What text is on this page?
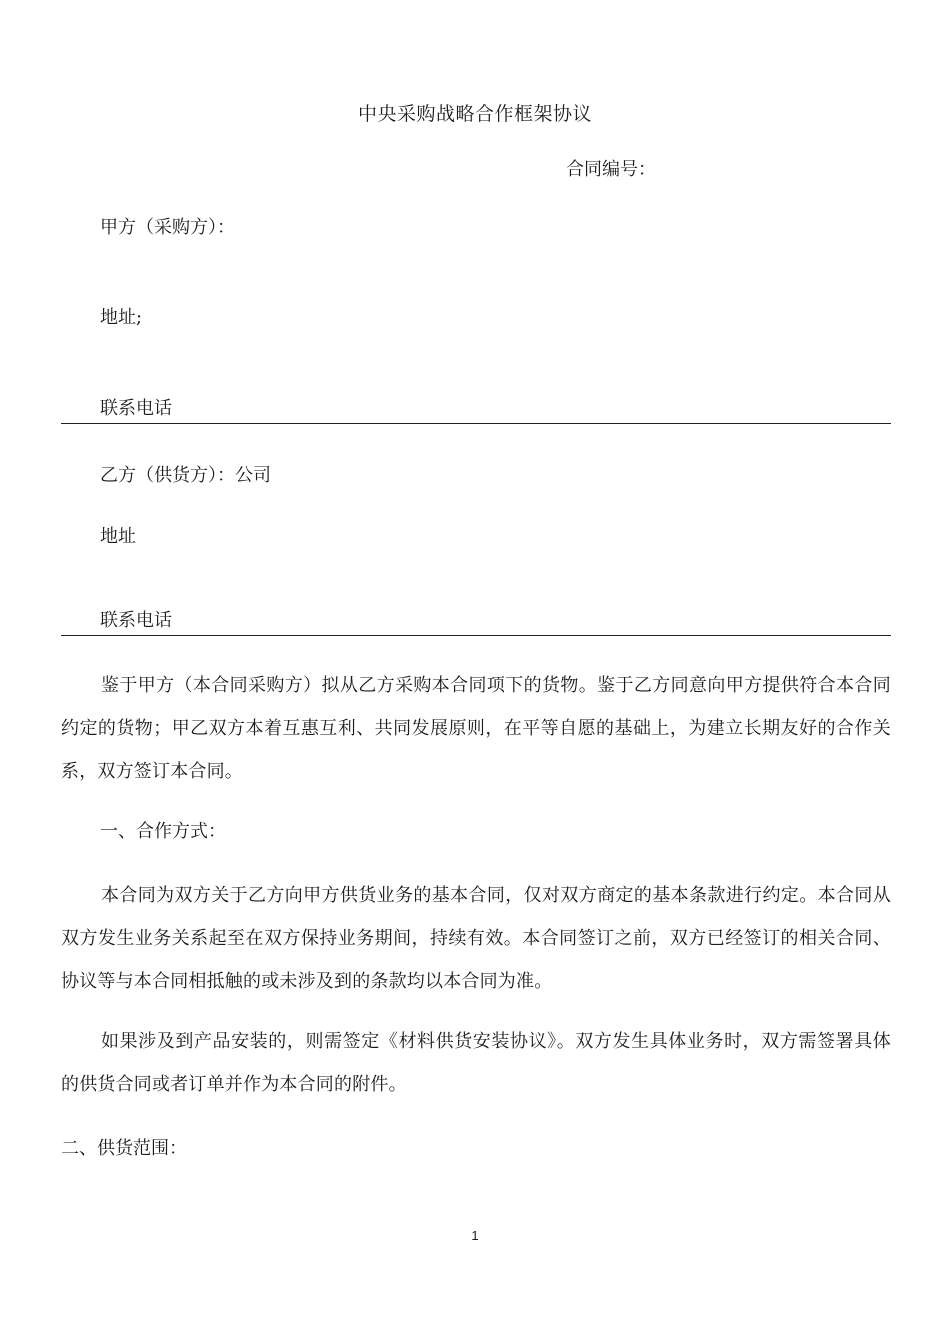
中央采购战略合作框架协议
合同编号：
甲方（采购方）：
地址;
联系电话
乙方（供货方）：公司
地址
联系电话
鉴于甲方（本合同采购方）拟从乙方采购本合同项下的货物。鉴于乙方同意向甲方提供符合本合同约定的货物；甲乙双方本着互惠互利、共同发展原则，在平等自愿的基础上，为建立长期友好的合作关系，双方签订本合同。
一、合作方式：
本合同为双方关于乙方向甲方供货业务的基本合同，仅对双方商定的基本条款进行约定。本合同从双方发生业务关系起至在双方保持业务期间，持续有效。本合同签订之前，双方已经签订的相关合同、协议等与本合同相抵触的或未涉及到的条款均以本合同为准。
如果涉及到产品安装的，则需签定《材料供货安装协议》。双方发生具体业务时，双方需签署具体的供货合同或者订单并作为本合同的附件。
二、供货范围：
1
